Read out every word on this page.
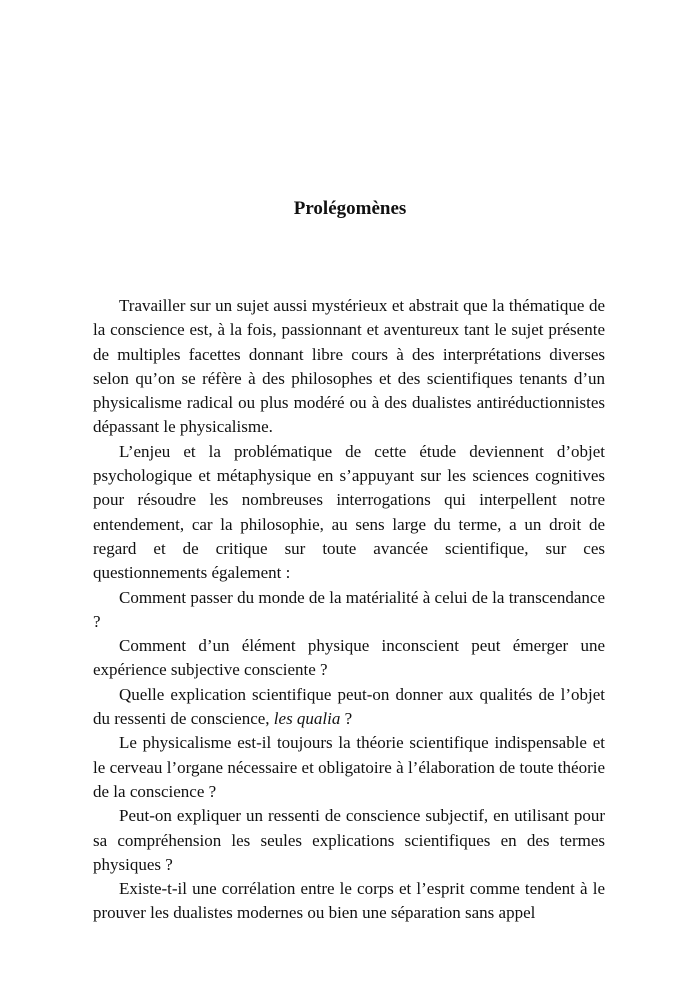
Prolégomènes

Travailler sur un sujet aussi mystérieux et abstrait que la thématique de la conscience est, à la fois, passionnant et aventureux tant le sujet présente de multiples facettes donnant libre cours à des interprétations diverses selon qu’on se réfère à des philosophes et des scientifiques tenants d’un physicalisme radical ou plus modéré ou à des dualistes antiréductionnistes dépassant le physicalisme.

L’enjeu et la problématique de cette étude deviennent d’objet psychologique et métaphysique en s’appuyant sur les sciences cognitives pour résoudre les nombreuses interrogations qui interpellent notre entendement, car la philosophie, au sens large du terme, a un droit de regard et de critique sur toute avancée scientifique, sur ces questionnements également :

Comment passer du monde de la matérialité à celui de la transcendance ?

Comment d’un élément physique inconscient peut émerger une expérience subjective consciente ?

Quelle explication scientifique peut-on donner aux qualités de l’objet du ressenti de conscience, les qualia ?

Le physicalisme est-il toujours la théorie scientifique indispensable et le cerveau l’organe nécessaire et obligatoire à l’élaboration de toute théorie de la conscience ?

Peut-on expliquer un ressenti de conscience subjectif, en utilisant pour sa compréhension les seules explications scientifiques en des termes physiques ?

Existe-t-il une corrélation entre le corps et l’esprit comme tendent à le prouver les dualistes modernes ou bien une séparation sans appel
